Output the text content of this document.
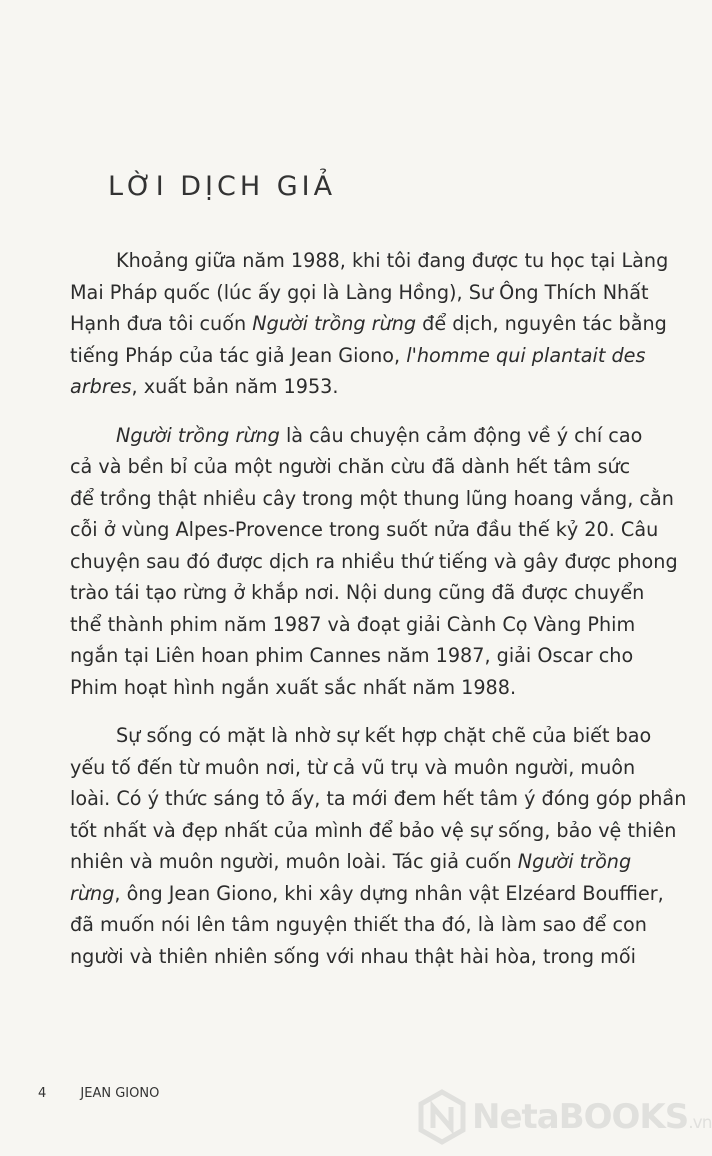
LỜI DỊCH GIẢ
Khoảng giữa năm 1988, khi tôi đang được tu học tại Làng
Mai Pháp quốc (lúc ấy gọi là Làng Hồng), Sư Ông Thích Nhất
Hạnh đưa tôi cuốn Người trồng rừng để dịch, nguyên tác bằng
tiếng Pháp của tác giả Jean Giono, l'homme qui plantait des
arbres, xuất bản năm 1953.
Người trồng rừng là câu chuyện cảm động về ý chí cao
cả và bền bỉ của một người chăn cừu đã dành hết tâm sức
để trồng thật nhiều cây trong một thung lũng hoang vắng, cằn
cỗi ở vùng Alpes-Provence trong suốt nửa đầu thế kỷ 20. Câu
chuyện sau đó được dịch ra nhiều thứ tiếng và gây được phong
trào tái tạo rừng ở khắp nơi. Nội dung cũng đã được chuyển
thể thành phim năm 1987 và đoạt giải Cành Cọ Vàng Phim
ngắn tại Liên hoan phim Cannes năm 1987, giải Oscar cho
Phim hoạt hình ngắn xuất sắc nhất năm 1988.
Sự sống có mặt là nhờ sự kết hợp chặt chẽ của biết bao
yếu tố đến từ muôn nơi, từ cả vũ trụ và muôn người, muôn
loài. Có ý thức sáng tỏ ấy, ta mới đem hết tâm ý đóng góp phần
tốt nhất và đẹp nhất của mình để bảo vệ sự sống, bảo vệ thiên
nhiên và muôn người, muôn loài. Tác giả cuốn Người trồng
rừng, ông Jean Giono, khi xây dựng nhân vật Elzéard Bouffier,
đã muốn nói lên tâm nguyện thiết tha đó, là làm sao để con
người và thiên nhiên sống với nhau thật hài hòa, trong mối
4	JEAN GIONO
NetaBOOKS.vn
